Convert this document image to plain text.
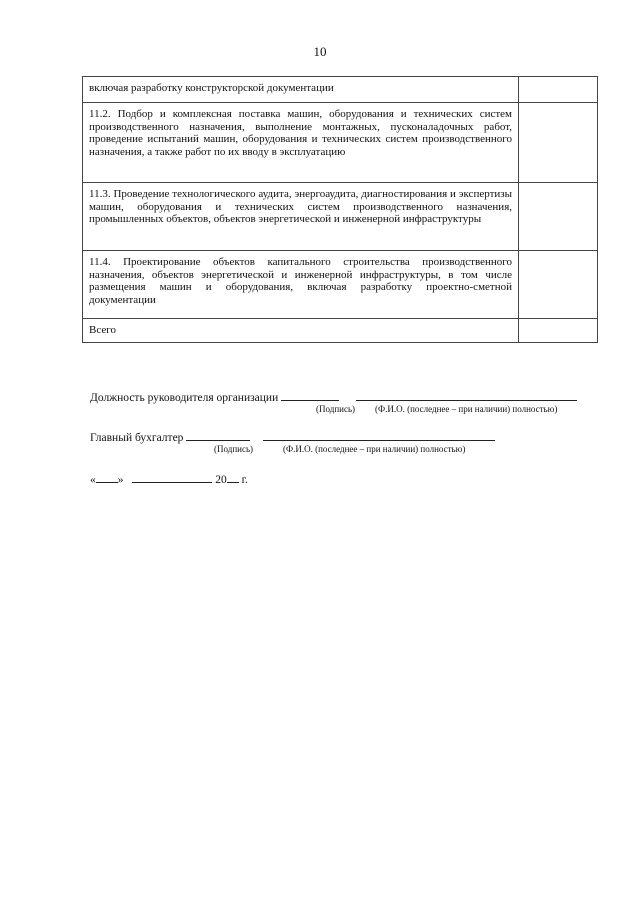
10
включая разработку конструкторской документации	
11.2. Подбор и комплексная поставка машин, оборудования и технических систем производственного назначения, выполнение монтажных, пусконаладочных работ, проведение испытаний машин, оборудования и технических систем производственного назначения, а также работ по их вводу в эксплуатацию	
11.3. Проведение технологического аудита, энергоаудита, диагностирования и экспертизы машин, оборудования и технических систем производственного назначения, промышленных объектов, объектов энергетической и инженерной инфраструктуры	
11.4. Проектирование объектов капитального строительства производственного назначения, объектов энергетической и инженерной инфраструктуры, в том числе размещения машин и оборудования, включая разработку проектно-сметной документации	
Всего	
Должность руководителя организации
(Подпись) (Ф.И.О. (последнее – при наличии) полностью)
Главный бухгалтер
(Подпись)	(Ф.И.О. (последнее – при наличии) полностью)
« »	20 г.
